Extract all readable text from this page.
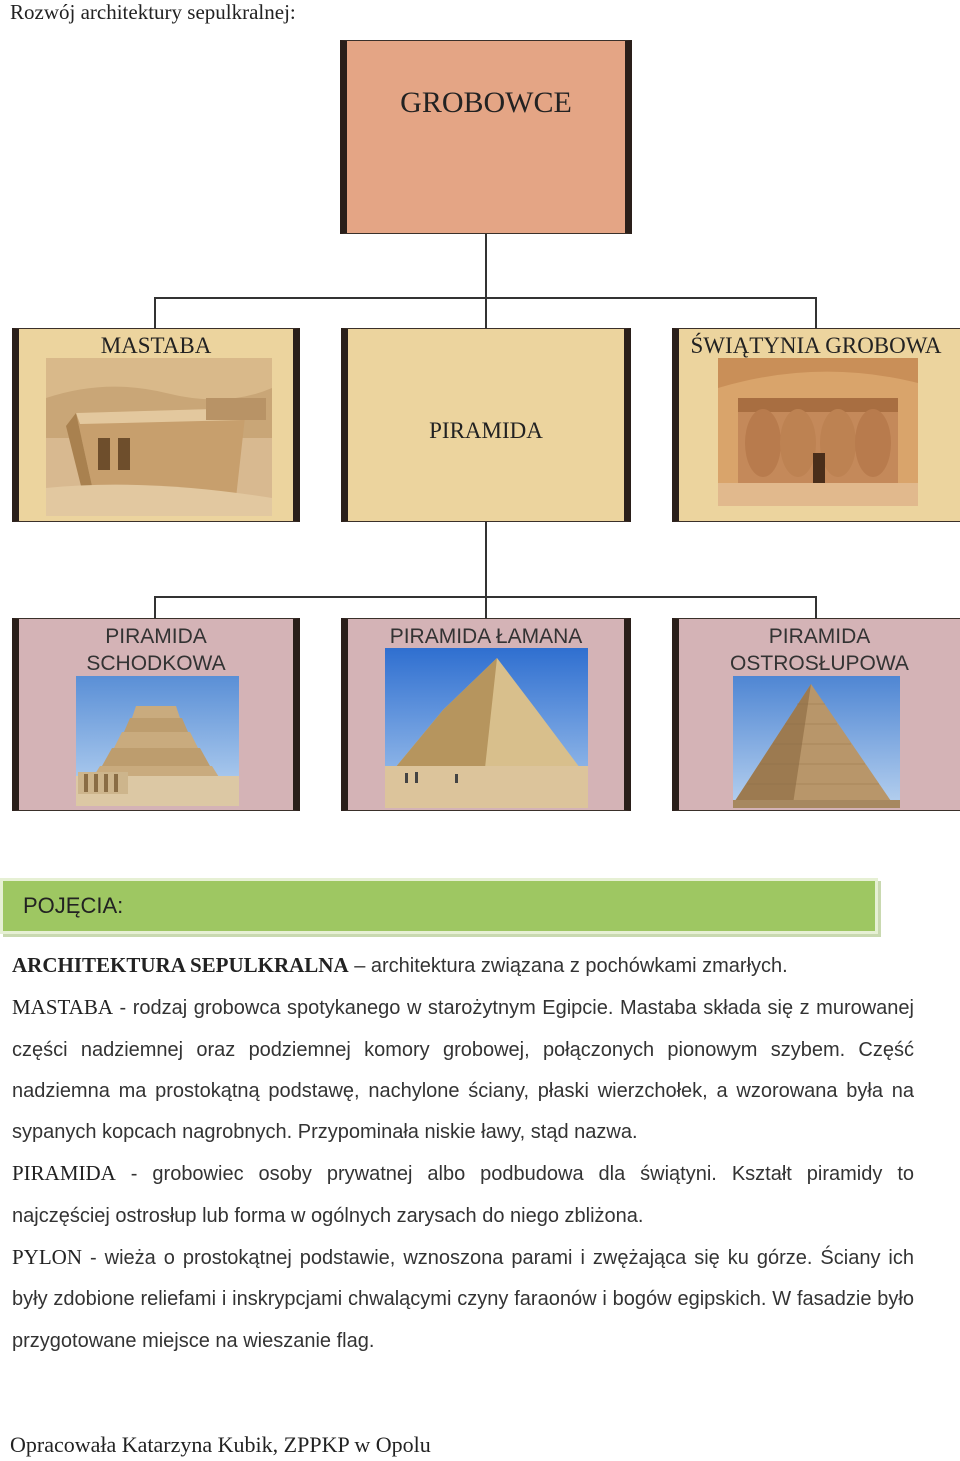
Rozwój architektury sepulkralnej:
GROBOWCE
MASTABA
PIRAMIDA
ŚWIĄTYNIA GROBOWA
PIRAMIDA
SCHODKOWA
PIRAMIDA ŁAMANA	PIRAMIDA
OSTROSŁUPOWA
POJĘCIA:

ARCHITEKTURA SEPULKRALNA – architektura związana z pochówkami zmarłych.

MASTABA - rodzaj grobowca spotykanego w starożytnym Egipcie. Mastaba składa się z murowanej części nadziemnej oraz podziemnej komory grobowej, połączonych pionowym szybem. Część nadziemna ma prostokątną podstawę, nachylone ściany, płaski wierzchołek, a wzorowana była na sypanych kopcach nagrobnych. Przypominała niskie ławy, stąd nazwa.

PIRAMIDA - grobowiec osoby prywatnej albo podbudowa dla świątyni. Kształt piramidy to najczęściej ostrosłup lub forma w ogólnych zarysach do niego zbliżona.

PYLON - wieża o prostokątnej podstawie, wznoszona parami i zwężająca się ku górze. Ściany ich były zdobione reliefami i inskrypcjami chwalącymi czyny faraonów i bogów egipskich. W fasadzie było przygotowane miejsce na wieszanie flag.

Opracowała Katarzyna Kubik, ZPPKP w Opolu
